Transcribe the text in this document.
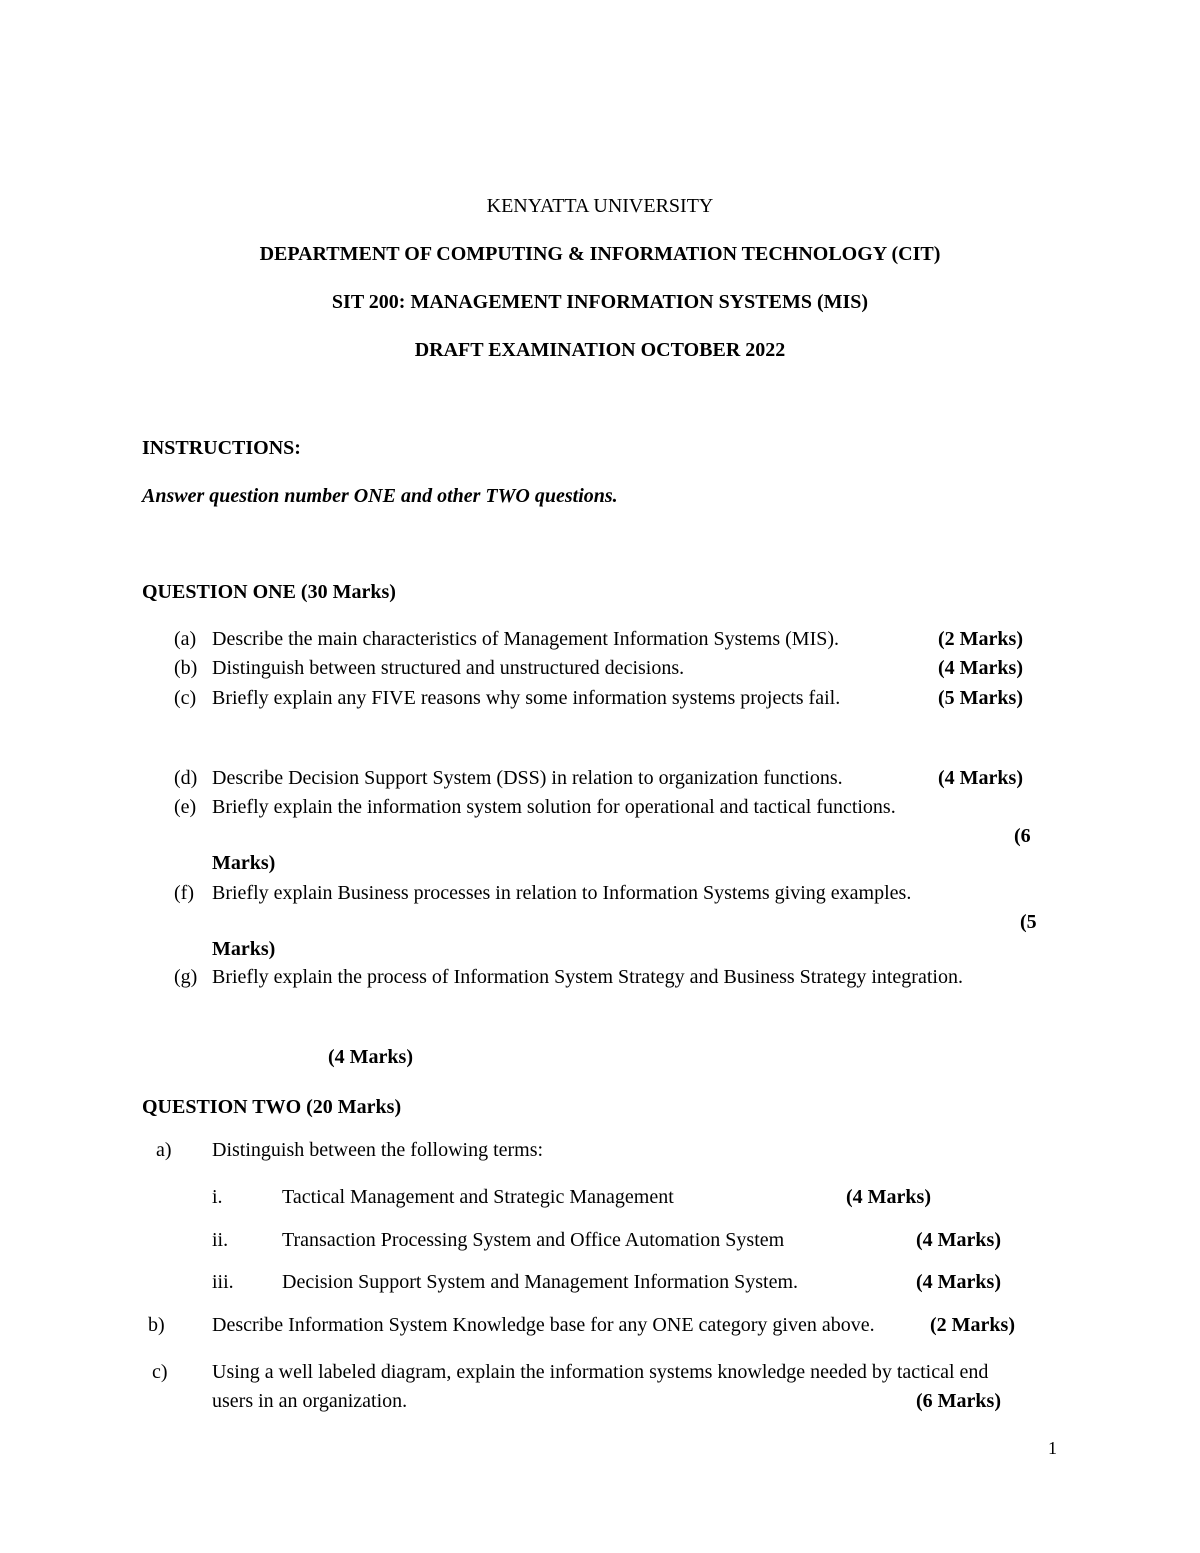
KENYATTA UNIVERSITY
DEPARTMENT OF COMPUTING & INFORMATION TECHNOLOGY (CIT)
SIT 200: MANAGEMENT INFORMATION SYSTEMS (MIS)
DRAFT EXAMINATION OCTOBER 2022
INSTRUCTIONS:
Answer question number ONE and other TWO questions.
QUESTION ONE (30 Marks)
(a) Describe the main characteristics of Management Information Systems (MIS).	(2 Marks)
(b) Distinguish between structured and unstructured decisions.	(4 Marks)
(c) Briefly explain any FIVE reasons why some information systems projects fail.	(5 Marks)
(d) Describe Decision Support System (DSS) in relation to organization functions.	(4 Marks)
(e) Briefly explain the information system solution for operational and tactical functions.
(6
Marks)
(f) Briefly explain Business processes in relation to Information Systems giving examples.
(5
Marks)
(g) Briefly explain the process of Information System Strategy and Business Strategy integration.
(4 Marks)
QUESTION TWO (20 Marks)
a) Distinguish between the following terms:
i.	Tactical Management and Strategic Management	(4 Marks)
ii.	Transaction Processing System and Office Automation System	(4 Marks)
iii. Decision Support System and Management Information System.	(4 Marks)
b) Describe Information System Knowledge base for any ONE category given above.	(2 Marks)
c) Using a well labeled diagram, explain the information systems knowledge needed by tactical end
users in an organization.	(6 Marks)
1
